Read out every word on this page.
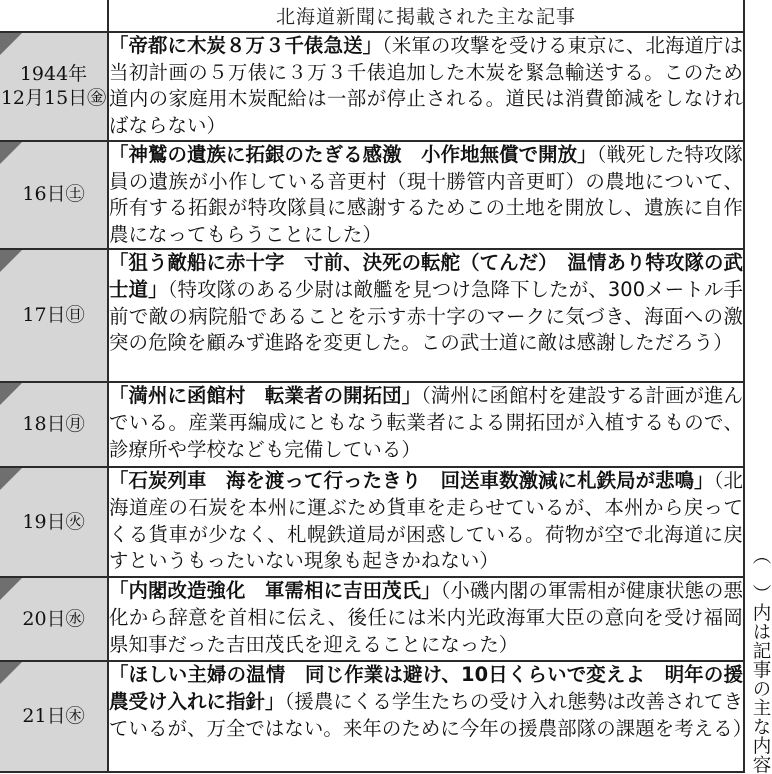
	北海道新聞に掲載された主な記事

1944年
12月15日㊎	「帝都に木炭８万３千俵急送」（米軍の攻撃を受ける東京に、北海道庁は当初計画の５万俵に３万３千俵追加した木炭を緊急輸送する。このため道内の家庭用木炭配給は一部が停止される。道民は消費節減をしなければならない）

16日㊏	「神鷲の遺族に拓銀のたぎる感激　小作地無償で開放」（戦死した特攻隊員の遺族が小作している音更村（現十勝管内音更町）の農地について、所有する拓銀が特攻隊員に感謝するためこの土地を開放し、遺族に自作農になってもらうことにした）

17日㊐	「狙う敵船に赤十字　寸前、決死の転舵（てんだ）　温情あり特攻隊の武士道」（特攻隊のある少尉は敵艦を見つけ急降下したが、300メートル手前で敵の病院船であることを示す赤十字のマークに気づき、海面への激突の危険を顧みず進路を変更した。この武士道に敵は感謝しただろう）

18日㊊	「満州に函館村　転業者の開拓団」（満州に函館村を建設する計画が進んでいる。産業再編成にともなう転業者による開拓団が入植するもので、診療所や学校なども完備している）

19日㊋	「石炭列車　海を渡って行ったきり　回送車数激減に札鉄局が悲鳴」（北海道産の石炭を本州に運ぶため貨車を走らせているが、本州から戻ってくる貨車が少なく、札幌鉄道局が困惑している。荷物が空で北海道に戻すというもったいない現象も起きかねない）

20日㊌	「内閣改造強化　軍需相に吉田茂氏」（小磯内閣の軍需相が健康状態の悪化から辞意を首相に伝え、後任には米内光政海軍大臣の意向を受け福岡県知事だった吉田茂氏を迎えることになった）

21日㊍	「ほしい主婦の温情　同じ作業は避け、10日くらいで変えよ　明年の援農受け入れに指針」（援農にくる学生たちの受け入れ態勢は改善されてきているが、万全ではない。来年のために今年の援農部隊の課題を考える）
（　）内は記事の主な内容
